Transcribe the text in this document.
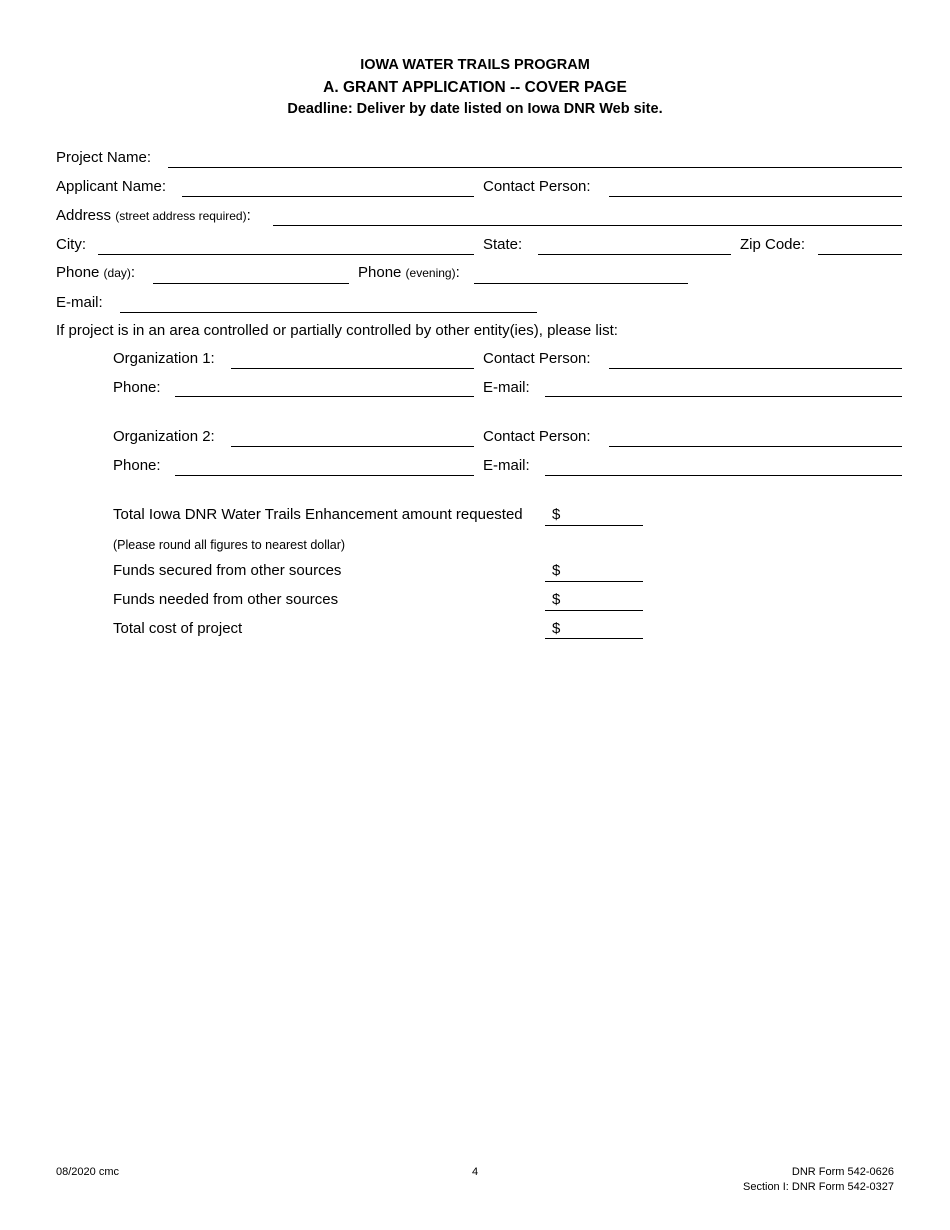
IOWA WATER TRAILS PROGRAM
A. GRANT APPLICATION -- COVER PAGE
Deadline: Deliver by date listed on Iowa DNR Web site.
Project Name:
Applicant Name:	Contact Person:
Address (street address required):
City:	State:	Zip Code:
Phone (day):	Phone (evening):
E-mail:
If project is in an area controlled or partially controlled by other entity(ies), please list:
Organization 1:	Contact Person:
Phone:	E-mail:
Organization 2:	Contact Person:
Phone:	E-mail:
Total Iowa DNR Water Trails Enhancement amount requested $
(Please round all figures to nearest dollar)
Funds secured from other sources	$
Funds needed from other sources	$
Total cost of project	$
08/2020 cmc	4	DNR Form 542-0626
Section I: DNR Form 542-0327
